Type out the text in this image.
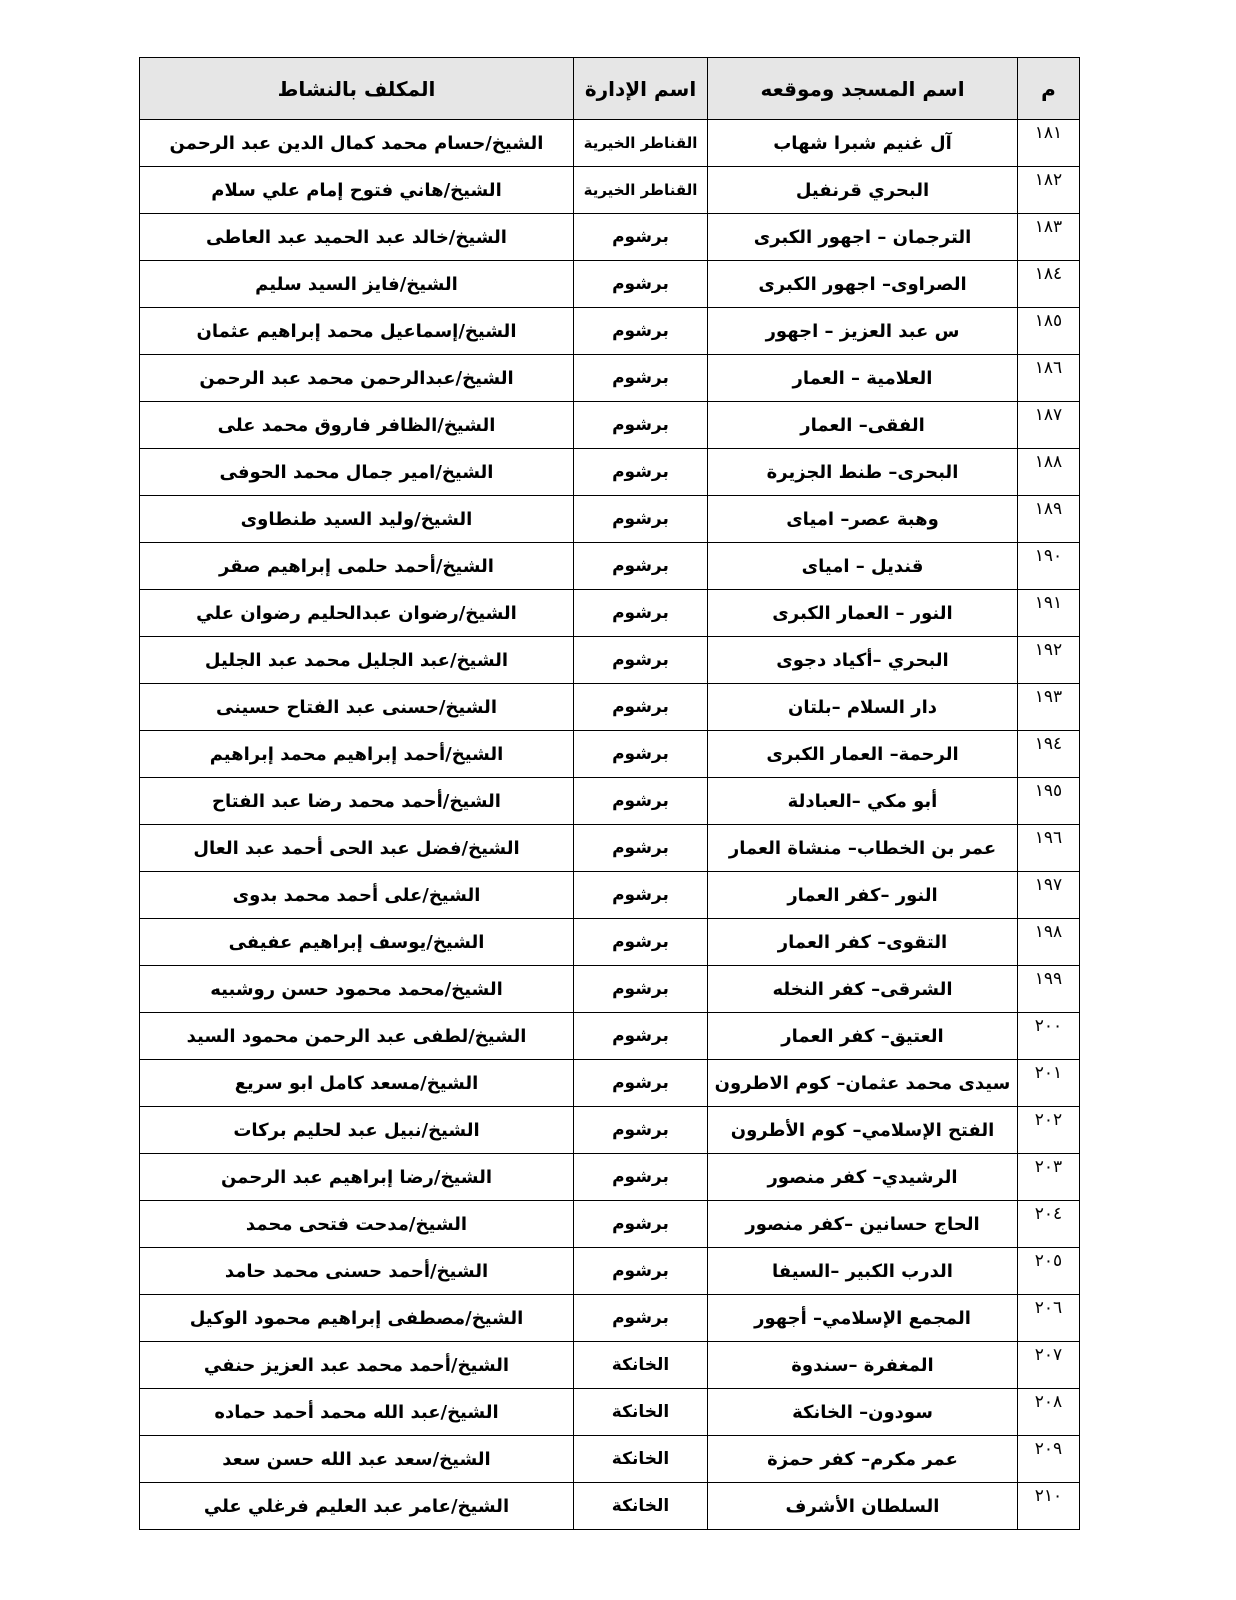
م	اسم المسجد وموقعه	اسم الإدارة	المكلف بالنشاط
١٨١	آل غنيم شبرا شهاب	القناطر الخيرية	الشيخ/حسام محمد كمال الدين عبد الرحمن
١٨٢	البحري قرنفيل	القناطر الخيرية	الشيخ/هاني فتوح إمام علي سلام
١٨٣	الترجمان – اجهور الكبرى	برشوم	الشيخ/خالد عبد الحميد عبد العاطى
١٨٤	الصراوى– اجهور الكبرى	برشوم	الشيخ/فايز السيد سليم
١٨٥	س عبد العزيز – اجهور	برشوم	الشيخ/إسماعيل محمد إبراهيم عثمان
١٨٦	العلامية – العمار	برشوم	الشيخ/عبدالرحمن محمد عبد الرحمن
١٨٧	الفقى– العمار	برشوم	الشيخ/الظافر فاروق محمد على
١٨٨	البحرى– طنط الجزيرة	برشوم	الشيخ/امير جمال محمد الحوفى
١٨٩	وهبة عصر– امياى	برشوم	الشيخ/وليد السيد طنطاوى
١٩٠	قنديل – امياى	برشوم	الشيخ/أحمد حلمى إبراهيم صقر
١٩١	النور – العمار الكبرى	برشوم	الشيخ/رضوان عبدالحليم رضوان علي
١٩٢	البحري –أكياد دجوى	برشوم	الشيخ/عبد الجليل محمد عبد الجليل
١٩٣	دار السلام –بلتان	برشوم	الشيخ/حسنى عبد الفتاح حسينى
١٩٤	الرحمة– العمار الكبرى	برشوم	الشيخ/أحمد إبراهيم محمد إبراهيم
١٩٥	أبو مكي –العبادلة	برشوم	الشيخ/أحمد محمد رضا عبد الفتاح
١٩٦	عمر بن الخطاب– منشاة العمار	برشوم	الشيخ/فضل عبد الحى أحمد عبد العال
١٩٧	النور –كفر العمار	برشوم	الشيخ/على أحمد محمد بدوى
١٩٨	التقوى– كفر العمار	برشوم	الشيخ/يوسف إبراهيم عفيفى
١٩٩	الشرقى– كفر النخله	برشوم	الشيخ/محمد محمود حسن روشبيه
٢٠٠	العتيق– كفر العمار	برشوم	الشيخ/لطفى عبد الرحمن محمود السيد
٢٠١	سيدى محمد عثمان– كوم الاطرون	برشوم	الشيخ/مسعد كامل ابو سريع
٢٠٢	الفتح الإسلامي– كوم الأطرون	برشوم	الشيخ/نبيل عبد لحليم بركات
٢٠٣	الرشيدي– كفر منصور	برشوم	الشيخ/رضا إبراهيم عبد الرحمن
٢٠٤	الحاج حسانين –كفر منصور	برشوم	الشيخ/مدحت فتحى محمد
٢٠٥	الدرب الكبير –السيفا	برشوم	الشيخ/أحمد حسنى محمد حامد
٢٠٦	المجمع الإسلامي– أجهور	برشوم	الشيخ/مصطفى إبراهيم محمود الوكيل
٢٠٧	المغفرة –سندوة	الخانكة	الشيخ/أحمد محمد عبد العزيز حنفي
٢٠٨	سودون– الخانكة	الخانكة	الشيخ/عبد الله محمد أحمد حماده
٢٠٩	عمر مكرم– كفر حمزة	الخانكة	الشيخ/سعد عبد الله حسن سعد
٢١٠	السلطان الأشرف	الخانكة	الشيخ/عامر عبد العليم فرغلي علي
